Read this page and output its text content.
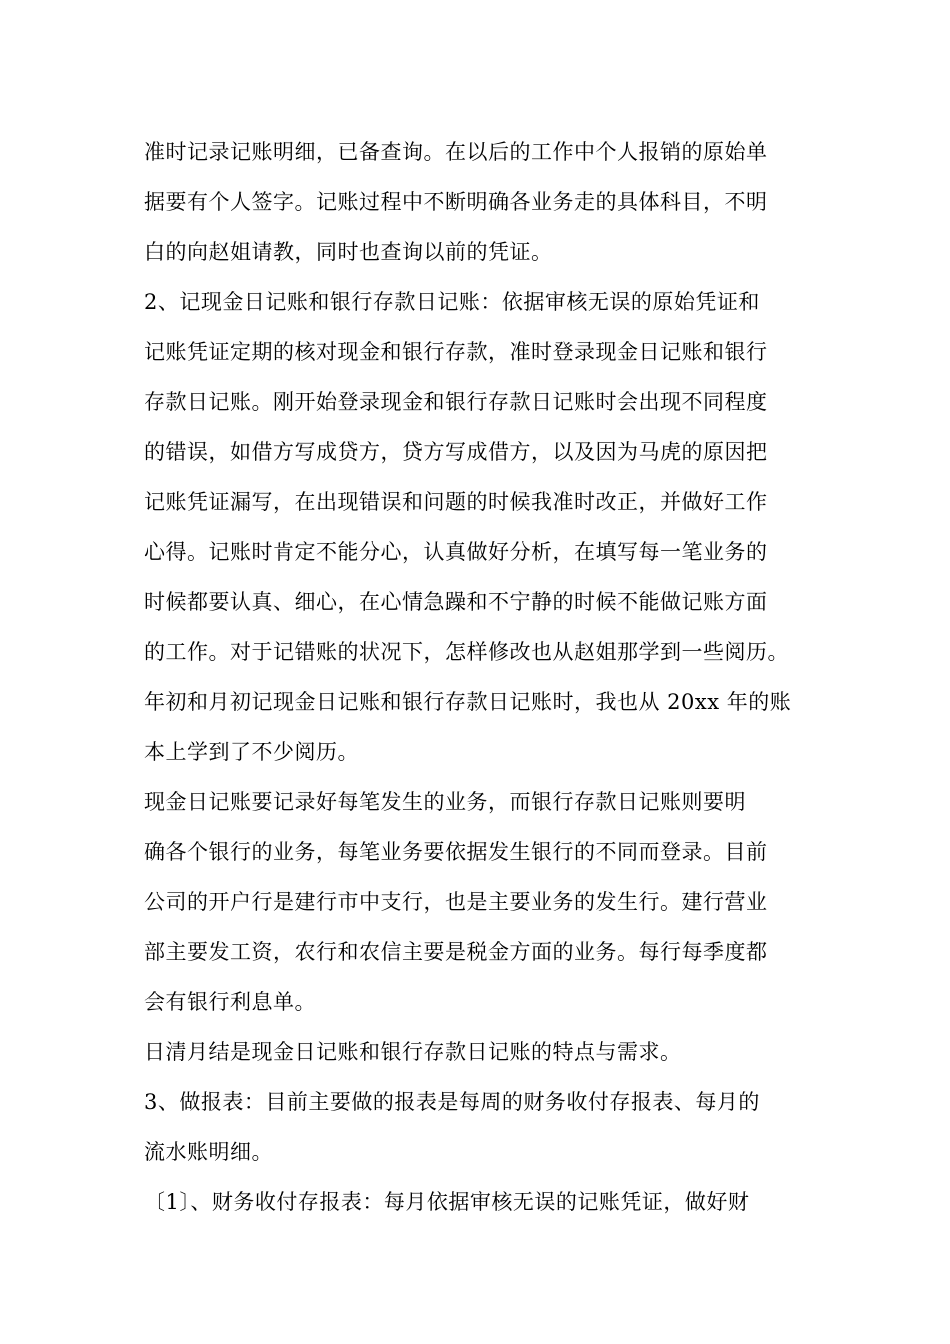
准时记录记账明细，已备查询。在以后的工作中个人报销的原始单
据要有个人签字。记账过程中不断明确各业务走的具体科目，不明
白的向赵姐请教，同时也查询以前的凭证。
2、记现金日记账和银行存款日记账：依据审核无误的原始凭证和
记账凭证定期的核对现金和银行存款，准时登录现金日记账和银行
存款日记账。刚开始登录现金和银行存款日记账时会出现不同程度
的错误，如借方写成贷方，贷方写成借方，以及因为马虎的原因把
记账凭证漏写，在出现错误和问题的时候我准时改正，并做好工作
心得。记账时肯定不能分心，认真做好分析，在填写每一笔业务的
时候都要认真、细心，在心情急躁和不宁静的时候不能做记账方面
的工作。对于记错账的状况下，怎样修改也从赵姐那学到一些阅历。
年初和月初记现金日记账和银行存款日记账时，我也从 20xx 年的账
本上学到了不少阅历。
现金日记账要记录好每笔发生的业务，而银行存款日记账则要明
确各个银行的业务，每笔业务要依据发生银行的不同而登录。目前
公司的开户行是建行市中支行，也是主要业务的发生行。建行营业
部主要发工资，农行和农信主要是税金方面的业务。每行每季度都
会有银行利息单。
日清月结是现金日记账和银行存款日记账的特点与需求。
3、做报表：目前主要做的报表是每周的财务收付存报表、每月的
流水账明细。
〔1〕、财务收付存报表：每月依据审核无误的记账凭证，做好财
